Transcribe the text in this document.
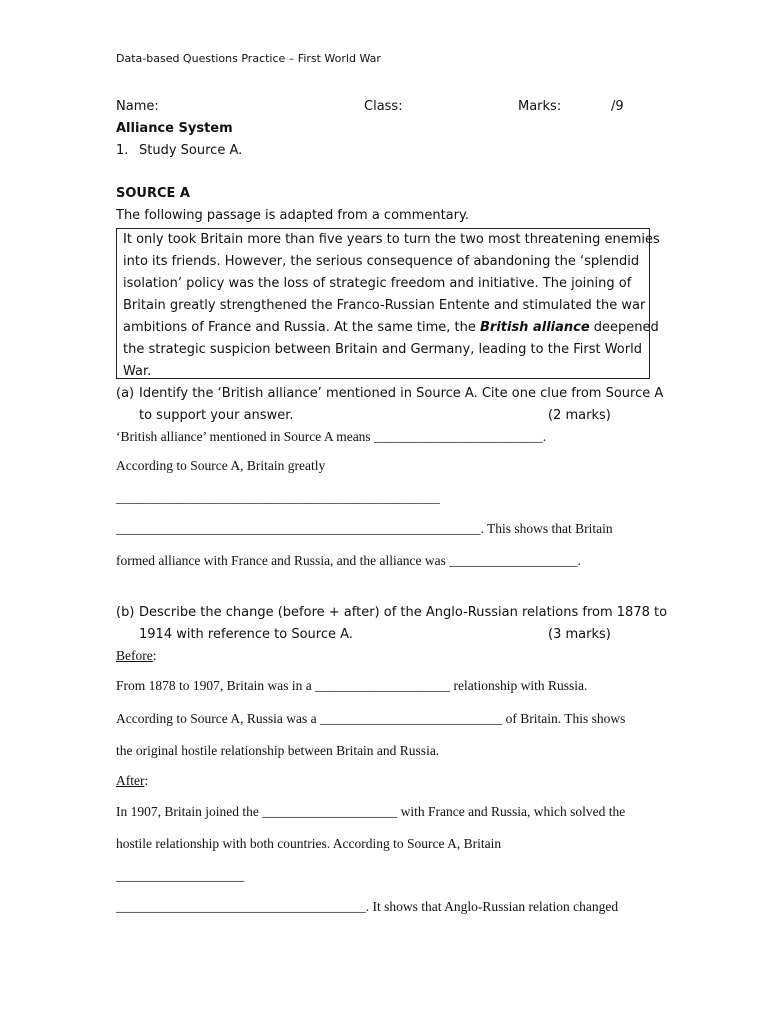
Data-based Questions Practice – First World War
Name:	Class:	Marks:	/9
Alliance System
1. Study Source A.
SOURCE A
The following passage is adapted from a commentary.
It only took Britain more than five years to turn the two most threatening enemies
into its friends. However, the serious consequence of abandoning the ‘splendid
isolation’ policy was the loss of strategic freedom and initiative. The joining of
Britain greatly strengthened the Franco-Russian Entente and stimulated the war
ambitions of France and Russia. At the same time, the British alliance deepened
the strategic suspicion between Britain and Germany, leading to the First World
War.
(a) Identify the ‘British alliance’ mentioned in Source A. Cite one clue from Source A
to support your answer.	(2 marks)
‘British alliance’ mentioned in Source A means _________________________.
According to Source A, Britain greatly
________________________________________________
______________________________________________________. This shows that Britain
formed alliance with France and Russia, and the alliance was ___________________.
(b) Describe the change (before + after) of the Anglo-Russian relations from 1878 to
1914 with reference to Source A.	(3 marks)
Before:
From 1878 to 1907, Britain was in a ____________________ relationship with Russia.
According to Source A, Russia was a ___________________________ of Britain. This shows
the original hostile relationship between Britain and Russia.
After:
In 1907, Britain joined the ____________________ with France and Russia, which solved the
hostile relationship with both countries. According to Source A, Britain
___________________
_____________________________________. It shows that Anglo-Russian relation changed
